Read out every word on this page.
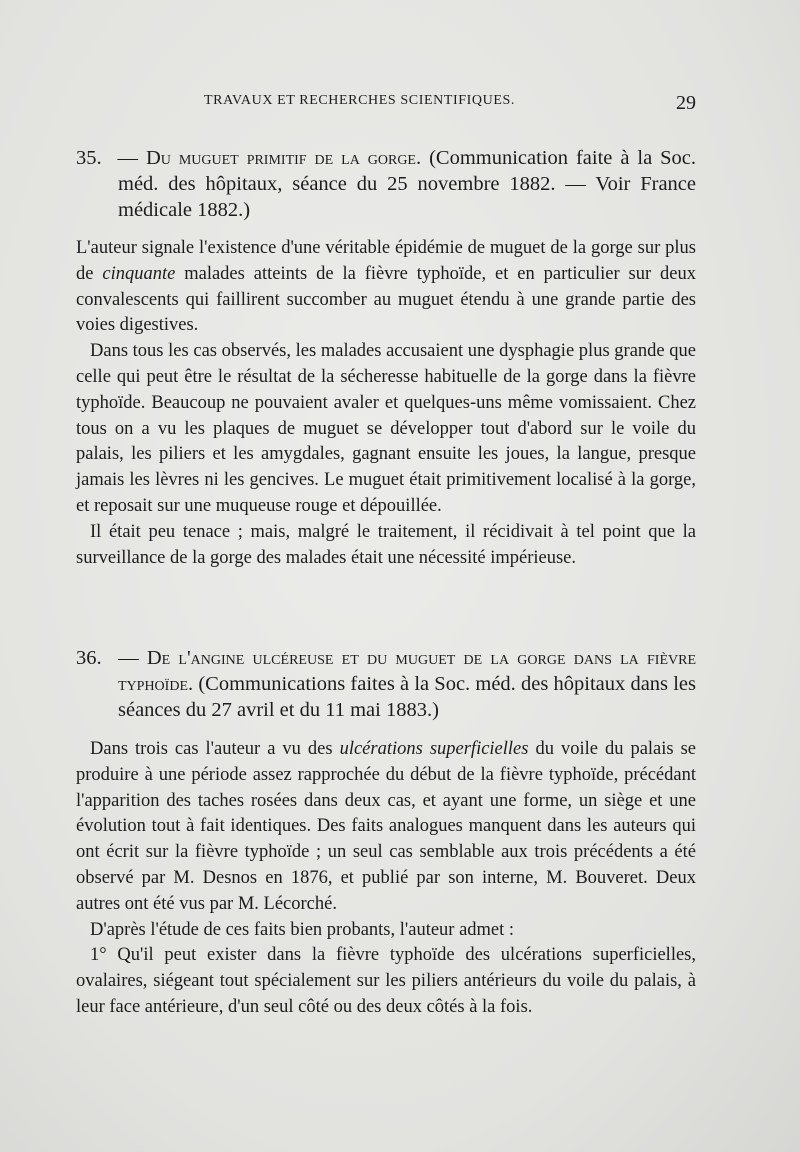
TRAVAUX ET RECHERCHES SCIENTIFIQUES.	29

35.  — Du muguet primitif de la gorge. (Communication faite à la Soc. méd. des hôpitaux, séance du 25 novembre 1882. — Voir France médicale 1882.)

L'auteur signale l'existence d'une véritable épidémie de muguet de la gorge sur plus de cinquante malades atteints de la fièvre typhoïde, et en particulier sur deux convalescents qui faillirent succomber au muguet étendu à une grande partie des voies digestives.

Dans tous les cas observés, les malades accusaient une dysphagie plus grande que celle qui peut être le résultat de la sécheresse habituelle de la gorge dans la fièvre typhoïde. Beaucoup ne pouvaient avaler et quelques-uns même vomissaient. Chez tous on a vu les plaques de muguet se développer tout d'abord sur le voile du palais, les piliers et les amygdales, gagnant ensuite les joues, la langue, presque jamais les lèvres ni les gencives. Le muguet était primitivement localisé à la gorge, et reposait sur une muqueuse rouge et dépouillée.

Il était peu tenace ; mais, malgré le traitement, il récidivait à tel point que la surveillance de la gorge des malades était une nécessité impérieuse.

36.  — De l'angine ulcéreuse et du muguet de la gorge dans la fièvre typhoïde. (Communications faites à la Soc. méd. des hôpitaux dans les séances du 27 avril et du 11 mai 1883.)

Dans trois cas l'auteur a vu des ulcérations superficielles du voile du palais se produire à une période assez rapprochée du début de la fièvre typhoïde, précédant l'apparition des taches rosées dans deux cas, et ayant une forme, un siège et une évolution tout à fait identiques. Des faits analogues manquent dans les auteurs qui ont écrit sur la fièvre typhoïde ; un seul cas semblable aux trois précédents a été observé par M. Desnos en 1876, et publié par son interne, M. Bouveret. Deux autres ont été vus par M. Lécorché.

D'après l'étude de ces faits bien probants, l'auteur admet :

1° Qu'il peut exister dans la fièvre typhoïde des ulcérations superficielles, ovalaires, siégeant tout spécialement sur les piliers antérieurs du voile du palais, à leur face antérieure, d'un seul côté ou des deux côtés à la fois.
